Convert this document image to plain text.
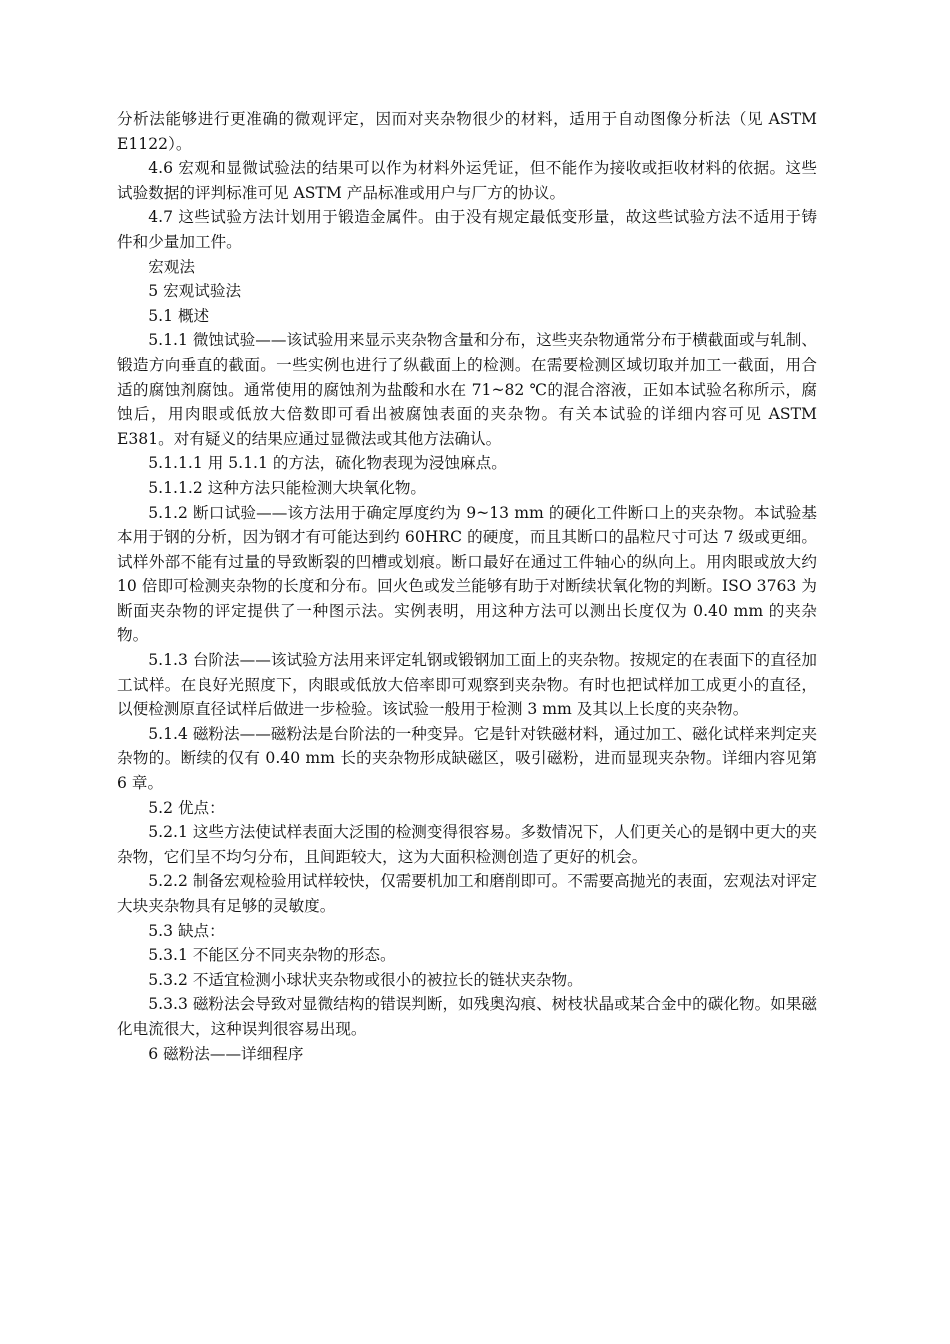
分析法能够进行更准确的微观评定，因而对夹杂物很少的材料，适用于自动图像分析法（见 ASTM E1122）。

4.6 宏观和显微试验法的结果可以作为材料外运凭证，但不能作为接收或拒收材料的依据。这些试验数据的评判标准可见 ASTM 产品标准或用户与厂方的协议。

4.7 这些试验方法计划用于锻造金属件。由于没有规定最低变形量，故这些试验方法不适用于铸件和少量加工件。

宏观法

5 宏观试验法

5.1 概述

5.1.1 微蚀试验——该试验用来显示夹杂物含量和分布，这些夹杂物通常分布于横截面或与轧制、锻造方向垂直的截面。一些实例也进行了纵截面上的检测。在需要检测区域切取并加工一截面，用合适的腐蚀剂腐蚀。通常使用的腐蚀剂为盐酸和水在 71~82 ℃的混合溶液，正如本试验名称所示，腐蚀后，用肉眼或低放大倍数即可看出被腐蚀表面的夹杂物。有关本试验的详细内容可见 ASTM E381。对有疑义的结果应通过显微法或其他方法确认。

5.1.1.1 用 5.1.1 的方法，硫化物表现为浸蚀麻点。

5.1.1.2 这种方法只能检测大块氧化物。

5.1.2 断口试验——该方法用于确定厚度约为 9~13 mm 的硬化工件断口上的夹杂物。本试验基本用于钢的分析，因为钢才有可能达到约 60HRC 的硬度，而且其断口的晶粒尺寸可达 7 级或更细。试样外部不能有过量的导致断裂的凹槽或划痕。断口最好在通过工件轴心的纵向上。用肉眼或放大约 10 倍即可检测夹杂物的长度和分布。回火色或发兰能够有助于对断续状氧化物的判断。ISO 3763 为断面夹杂物的评定提供了一种图示法。实例表明，用这种方法可以测出长度仅为 0.40 mm 的夹杂物。

5.1.3 台阶法——该试验方法用来评定轧钢或锻钢加工面上的夹杂物。按规定的在表面下的直径加工试样。在良好光照度下，肉眼或低放大倍率即可观察到夹杂物。有时也把试样加工成更小的直径，以便检测原直径试样后做进一步检验。该试验一般用于检测 3 mm 及其以上长度的夹杂物。

5.1.4 磁粉法——磁粉法是台阶法的一种变异。它是针对铁磁材料，通过加工、磁化试样来判定夹杂物的。断续的仅有 0.40 mm 长的夹杂物形成缺磁区，吸引磁粉，进而显现夹杂物。详细内容见第 6 章。

5.2 优点：

5.2.1 这些方法使试样表面大泛围的检测变得很容易。多数情况下，人们更关心的是钢中更大的夹杂物，它们呈不均匀分布，且间距较大，这为大面积检测创造了更好的机会。

5.2.2 制备宏观检验用试样较快，仅需要机加工和磨削即可。不需要高抛光的表面，宏观法对评定大块夹杂物具有足够的灵敏度。

5.3 缺点：

5.3.1 不能区分不同夹杂物的形态。

5.3.2 不适宜检测小球状夹杂物或很小的被拉长的链状夹杂物。

5.3.3 磁粉法会导致对显微结构的错误判断，如残奥沟痕、树枝状晶或某合金中的碳化物。如果磁化电流很大，这种误判很容易出现。

6 磁粉法——详细程序
